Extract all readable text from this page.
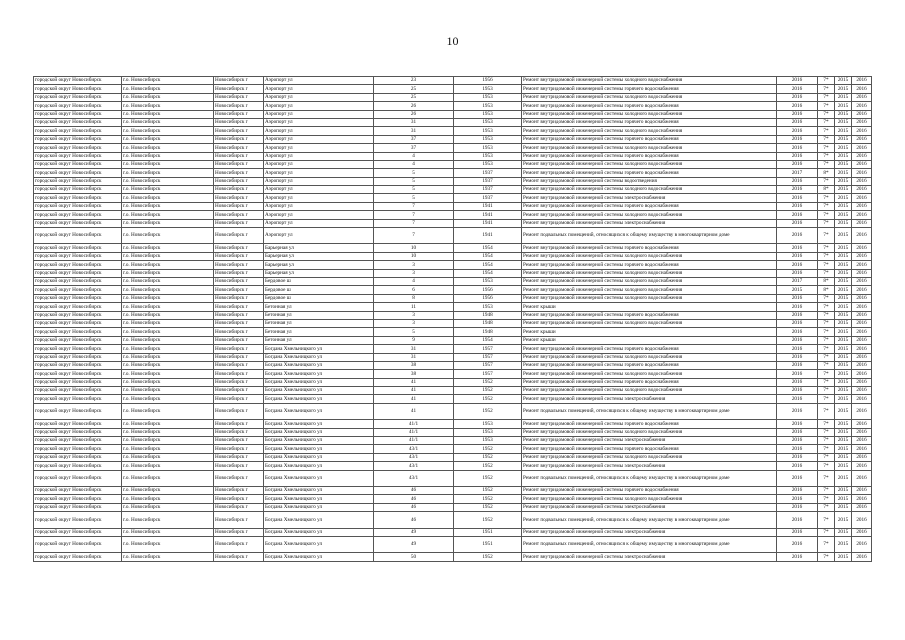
10
городской округ Новосибирск	г.о. Новосибирск	Новосибирск г	Аэропорт ул	23	1956	Ремонт внутридомовой инженерной системы холодного водоснабжения	2016	7*	2015	2016
городской округ Новосибирск	г.о. Новосибирск	Новосибирск г	Аэропорт ул	25	1953	Ремонт внутридомовой инженерной системы горячего водоснабжения	2016	7*	2015	2016
городской округ Новосибирск	г.о. Новосибирск	Новосибирск г	Аэропорт ул	25	1953	Ремонт внутридомовой инженерной системы холодного водоснабжения	2016	7*	2015	2016
городской округ Новосибирск	г.о. Новосибирск	Новосибирск г	Аэропорт ул	26	1953	Ремонт внутридомовой инженерной системы горячего водоснабжения	2016	7*	2015	2016
городской округ Новосибирск	г.о. Новосибирск	Новосибирск г	Аэропорт ул	26	1953	Ремонт внутридомовой инженерной системы холодного водоснабжения	2016	7*	2015	2016
городской округ Новосибирск	г.о. Новосибирск	Новосибирск г	Аэропорт ул	31	1953	Ремонт внутридомовой инженерной системы горячего водоснабжения	2016	7*	2015	2016
городской округ Новосибирск	г.о. Новосибирск	Новосибирск г	Аэропорт ул	31	1953	Ремонт внутридомовой инженерной системы холодного водоснабжения	2016	7*	2015	2016
городской округ Новосибирск	г.о. Новосибирск	Новосибирск г	Аэропорт ул	37	1953	Ремонт внутридомовой инженерной системы горячего водоснабжения	2016	7*	2015	2016
городской округ Новосибирск	г.о. Новосибирск	Новосибирск г	Аэропорт ул	37	1953	Ремонт внутридомовой инженерной системы холодного водоснабжения	2016	7*	2015	2016
городской округ Новосибирск	г.о. Новосибирск	Новосибирск г	Аэропорт ул	4	1953	Ремонт внутридомовой инженерной системы горячего водоснабжения	2016	7*	2015	2016
городской округ Новосибирск	г.о. Новосибирск	Новосибирск г	Аэропорт ул	4	1953	Ремонт внутридомовой инженерной системы холодного водоснабжения	2016	7*	2015	2016
городской округ Новосибирск	г.о. Новосибирск	Новосибирск г	Аэропорт ул	5	1937	Ремонт внутридомовой инженерной системы горячего водоснабжения	2017	8*	2015	2016
городской округ Новосибирск	г.о. Новосибирск	Новосибирск г	Аэропорт ул	5	1937	Ремонт внутридомовой инженерной системы водоотведения	2016	7*	2015	2016
городской округ Новосибирск	г.о. Новосибирск	Новосибирск г	Аэропорт ул	5	1937	Ремонт внутридомовой инженерной системы холодного водоснабжения	2016	8*	2015	2016
городской округ Новосибирск	г.о. Новосибирск	Новосибирск г	Аэропорт ул	5	1937	Ремонт внутридомовой инженерной системы электроснабжения	2016	7*	2015	2016
городской округ Новосибирск	г.о. Новосибирск	Новосибирск г	Аэропорт ул	7	1941	Ремонт внутридомовой инженерной системы горячего водоснабжения	2016	7*	2015	2016
городской округ Новосибирск	г.о. Новосибирск	Новосибирск г	Аэропорт ул	7	1941	Ремонт внутридомовой инженерной системы холодного водоснабжения	2016	7*	2015	2016
городской округ Новосибирск	г.о. Новосибирск	Новосибирск г	Аэропорт ул	7	1941	Ремонт внутридомовой инженерной системы электроснабжения	2016	7*	2015	2016
городской округ Новосибирск	г.о. Новосибирск	Новосибирск г	Аэропорт ул	7	1941	Ремонт подвальных помещений, относящихся к общему имуществу в многоквартирном доме	2016	7*	2015	2016
городской округ Новосибирск	г.о. Новосибирск	Новосибирск г	Барьерная ул	10	1954	Ремонт внутридомовой инженерной системы горячего водоснабжения	2016	7*	2015	2016
городской округ Новосибирск	г.о. Новосибирск	Новосибирск г	Барьерная ул	10	1954	Ремонт внутридомовой инженерной системы холодного водоснабжения	2016	7*	2015	2016
городской округ Новосибирск	г.о. Новосибирск	Новосибирск г	Барьерная ул	3	1954	Ремонт внутридомовой инженерной системы горячего водоснабжения	2016	7*	2015	2016
городской округ Новосибирск	г.о. Новосибирск	Новосибирск г	Барьерная ул	3	1954	Ремонт внутридомовой инженерной системы холодного водоснабжения	2016	7*	2015	2016
городской округ Новосибирск	г.о. Новосибирск	Новосибирск г	Бердовое ш	4	1953	Ремонт внутридомовой инженерной системы холодного водоснабжения	2017	8*	2015	2016
городской округ Новосибирск	г.о. Новосибирск	Новосибирск г	Бердовое ш	6	1956	Ремонт внутридомовой инженерной системы холодного водоснабжения	2015	8*	2015	2016
городской округ Новосибирск	г.о. Новосибирск	Новосибирск г	Бердовое ш	8	1956	Ремонт внутридомовой инженерной системы холодного водоснабжения	2016	7*	2015	2016
городской округ Новосибирск	г.о. Новосибирск	Новосибирск г	Бетонная ул	11	1953	Ремонт крыши	2016	7*	2015	2016
городской округ Новосибирск	г.о. Новосибирск	Новосибирск г	Бетонная ул	3	1948	Ремонт внутридомовой инженерной системы горячего водоснабжения	2016	7*	2015	2016
городской округ Новосибирск	г.о. Новосибирск	Новосибирск г	Бетонная ул	3	1948	Ремонт внутридомовой инженерной системы холодного водоснабжения	2016	7*	2015	2016
городской округ Новосибирск	г.о. Новосибирск	Новосибирск г	Бетонная ул	5	1948	Ремонт крыши	2016	7*	2015	2016
городской округ Новосибирск	г.о. Новосибирск	Новосибирск г	Бетонная ул	9	1954	Ремонт крыши	2016	7*	2015	2016
городской округ Новосибирск	г.о. Новосибирск	Новосибирск г	Богдана Хмельницкого ул	31	1957	Ремонт внутридомовой инженерной системы горячего водоснабжения	2016	7*	2015	2016
городской округ Новосибирск	г.о. Новосибирск	Новосибирск г	Богдана Хмельницкого ул	31	1957	Ремонт внутридомовой инженерной системы холодного водоснабжения	2016	7*	2015	2016
городской округ Новосибирск	г.о. Новосибирск	Новосибирск г	Богдана Хмельницкого ул	38	1957	Ремонт внутридомовой инженерной системы горячего водоснабжения	2016	7*	2015	2016
городской округ Новосибирск	г.о. Новосибирск	Новосибирск г	Богдана Хмельницкого ул	38	1957	Ремонт внутридомовой инженерной системы холодного водоснабжения	2016	7*	2015	2016
городской округ Новосибирск	г.о. Новосибирск	Новосибирск г	Богдана Хмельницкого ул	41	1952	Ремонт внутридомовой инженерной системы горячего водоснабжения	2016	7*	2015	2016
городской округ Новосибирск	г.о. Новосибирск	Новосибирск г	Богдана Хмельницкого ул	41	1952	Ремонт внутридомовой инженерной системы холодного водоснабжения	2016	7*	2015	2016
городской округ Новосибирск	г.о. Новосибирск	Новосибирск г	Богдана Хмельницкого ул	41	1952	Ремонт внутридомовой инженерной системы электроснабжения	2016	7*	2015	2016
городской округ Новосибирск	г.о. Новосибирск	Новосибирск г	Богдана Хмельницкого ул	41	1952	Ремонт подвальных помещений, относящихся к общему имуществу в многоквартирном доме	2016	7*	2015	2016
городской округ Новосибирск	г.о. Новосибирск	Новосибирск г	Богдана Хмельницкого ул	41/1	1953	Ремонт внутридомовой инженерной системы горячего водоснабжения	2016	7*	2015	2016
городской округ Новосибирск	г.о. Новосибирск	Новосибирск г	Богдана Хмельницкого ул	41/1	1953	Ремонт внутридомовой инженерной системы холодного водоснабжения	2016	7*	2015	2016
городской округ Новосибирск	г.о. Новосибирск	Новосибирск г	Богдана Хмельницкого ул	41/1	1953	Ремонт внутридомовой инженерной системы электроснабжения	2016	7*	2015	2016
городской округ Новосибирск	г.о. Новосибирск	Новосибирск г	Богдана Хмельницкого ул	43/1	1952	Ремонт внутридомовой инженерной системы горячего водоснабжения	2016	7*	2015	2016
городской округ Новосибирск	г.о. Новосибирск	Новосибирск г	Богдана Хмельницкого ул	43/1	1952	Ремонт внутридомовой инженерной системы холодного водоснабжения	2016	7*	2015	2016
городской округ Новосибирск	г.о. Новосибирск	Новосибирск г	Богдана Хмельницкого ул	43/1	1952	Ремонт внутридомовой инженерной системы электроснабжения	2016	7*	2015	2016
городской округ Новосибирск	г.о. Новосибирск	Новосибирск г	Богдана Хмельницкого ул	43/1	1952	Ремонт подвальных помещений, относящихся к общему имуществу в многоквартирном доме	2016	7*	2015	2016
городской округ Новосибирск	г.о. Новосибирск	Новосибирск г	Богдана Хмельницкого ул	46	1952	Ремонт внутридомовой инженерной системы горячего водоснабжения	2016	7*	2015	2016
городской округ Новосибирск	г.о. Новосибирск	Новосибирск г	Богдана Хмельницкого ул	46	1952	Ремонт внутридомовой инженерной системы холодного водоснабжения	2016	7*	2015	2016
городской округ Новосибирск	г.о. Новосибирск	Новосибирск г	Богдана Хмельницкого ул	46	1952	Ремонт внутридомовой инженерной системы электроснабжения	2016	7*	2015	2016
городской округ Новосибирск	г.о. Новосибирск	Новосибирск г	Богдана Хмельницкого ул	46	1952	Ремонт подвальных помещений, относящихся к общему имуществу в многоквартирном доме	2016	7*	2015	2016
городской округ Новосибирск	г.о. Новосибирск	Новосибирск г	Богдана Хмельницкого ул	49	1951	Ремонт внутридомовой инженерной системы электроснабжения	2016	7*	2015	2016
городской округ Новосибирск	г.о. Новосибирск	Новосибирск г	Богдана Хмельницкого ул	49	1951	Ремонт подвальных помещений, относящихся к общему имуществу в многоквартирном доме	2016	7*	2015	2016
городской округ Новосибирск	г.о. Новосибирск	Новосибирск г	Богдана Хмельницкого ул	50	1952	Ремонт внутридомовой инженерной системы электроснабжения	2016	7*	2015	2016
